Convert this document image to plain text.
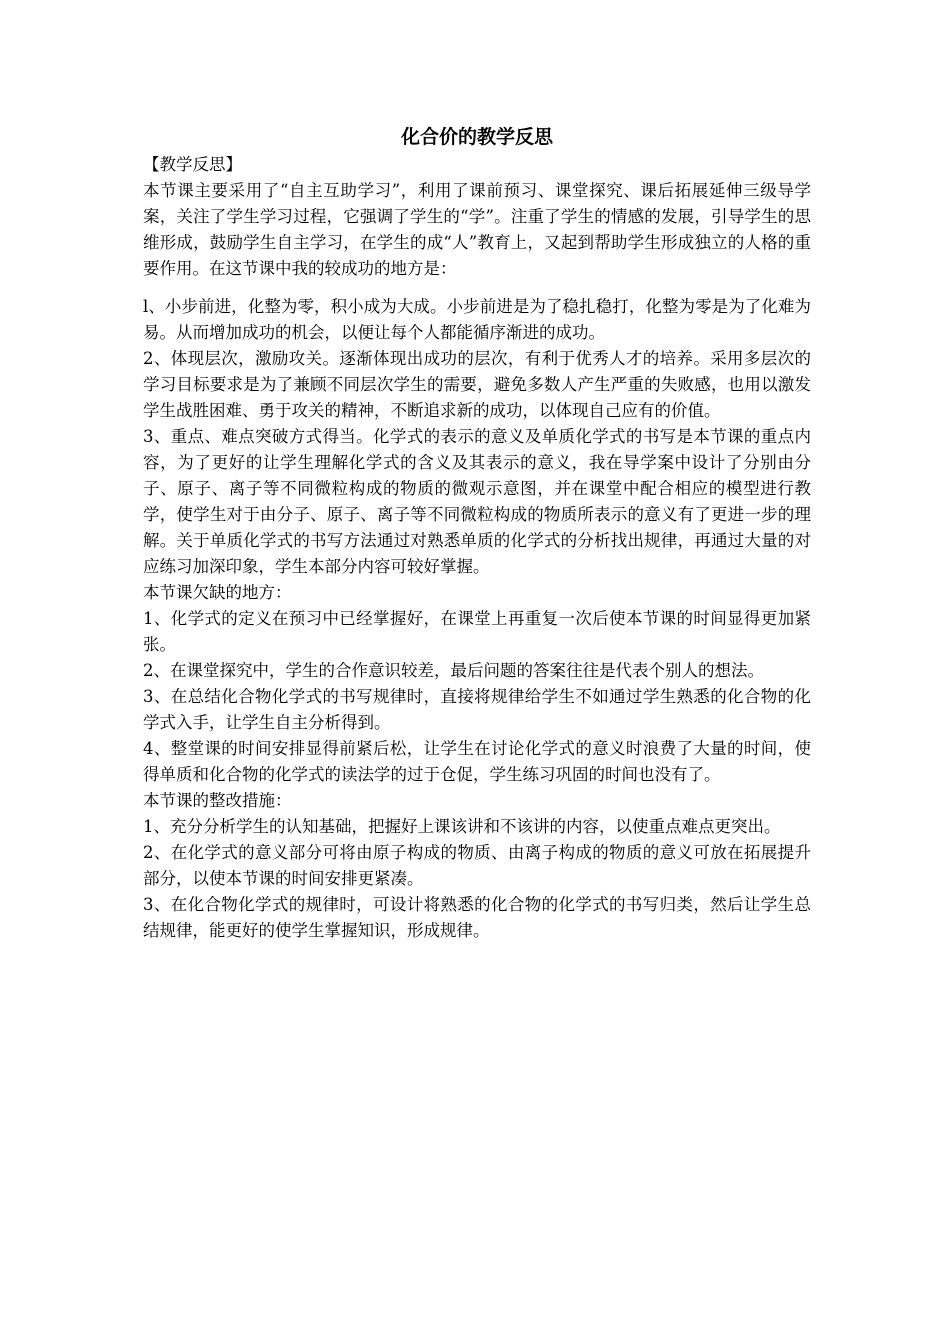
化合价的教学反思

【教学反思】

本节课主要采用了“自主互助学习”，利用了课前预习、课堂探究、课后拓展延伸三级导学案，关注了学生学习过程，它强调了学生的“学”。注重了学生的情感的发展，引导学生的思维形成，鼓励学生自主学习，在学生的成“人”教育上，又起到帮助学生形成独立的人格的重要作用。在这节课中我的较成功的地方是：

l、小步前进，化整为零，积小成为大成。小步前进是为了稳扎稳打，化整为零是为了化难为易。从而增加成功的机会，以便让每个人都能循序渐进的成功。

2、体现层次，激励攻关。逐渐体现出成功的层次，有利于优秀人才的培养。采用多层次的学习目标要求是为了兼顾不同层次学生的需要，避免多数人产生严重的失败感，也用以激发学生战胜困难、勇于攻关的精神，不断追求新的成功，以体现自己应有的价值。

3、重点、难点突破方式得当。化学式的表示的意义及单质化学式的书写是本节课的重点内容，为了更好的让学生理解化学式的含义及其表示的意义，我在导学案中设计了分别由分子、原子、离子等不同微粒构成的物质的微观示意图，并在课堂中配合相应的模型进行教学，使学生对于由分子、原子、离子等不同微粒构成的物质所表示的意义有了更进一步的理解。关于单质化学式的书写方法通过对熟悉单质的化学式的分析找出规律，再通过大量的对应练习加深印象，学生本部分内容可较好掌握。

本节课欠缺的地方：

1、化学式的定义在预习中已经掌握好，在课堂上再重复一次后使本节课的时间显得更加紧张。

2、在课堂探究中，学生的合作意识较差，最后问题的答案往往是代表个别人的想法。

3、在总结化合物化学式的书写规律时，直接将规律给学生不如通过学生熟悉的化合物的化学式入手，让学生自主分析得到。

4、整堂课的时间安排显得前紧后松，让学生在讨论化学式的意义时浪费了大量的时间，使得单质和化合物的化学式的读法学的过于仓促，学生练习巩固的时间也没有了。

本节课的整改措施：

1、充分分析学生的认知基础，把握好上课该讲和不该讲的内容，以使重点难点更突出。

2、在化学式的意义部分可将由原子构成的物质、由离子构成的物质的意义可放在拓展提升部分，以使本节课的时间安排更紧凑。

3、在化合物化学式的规律时，可设计将熟悉的化合物的化学式的书写归类，然后让学生总结规律，能更好的使学生掌握知识，形成规律。
